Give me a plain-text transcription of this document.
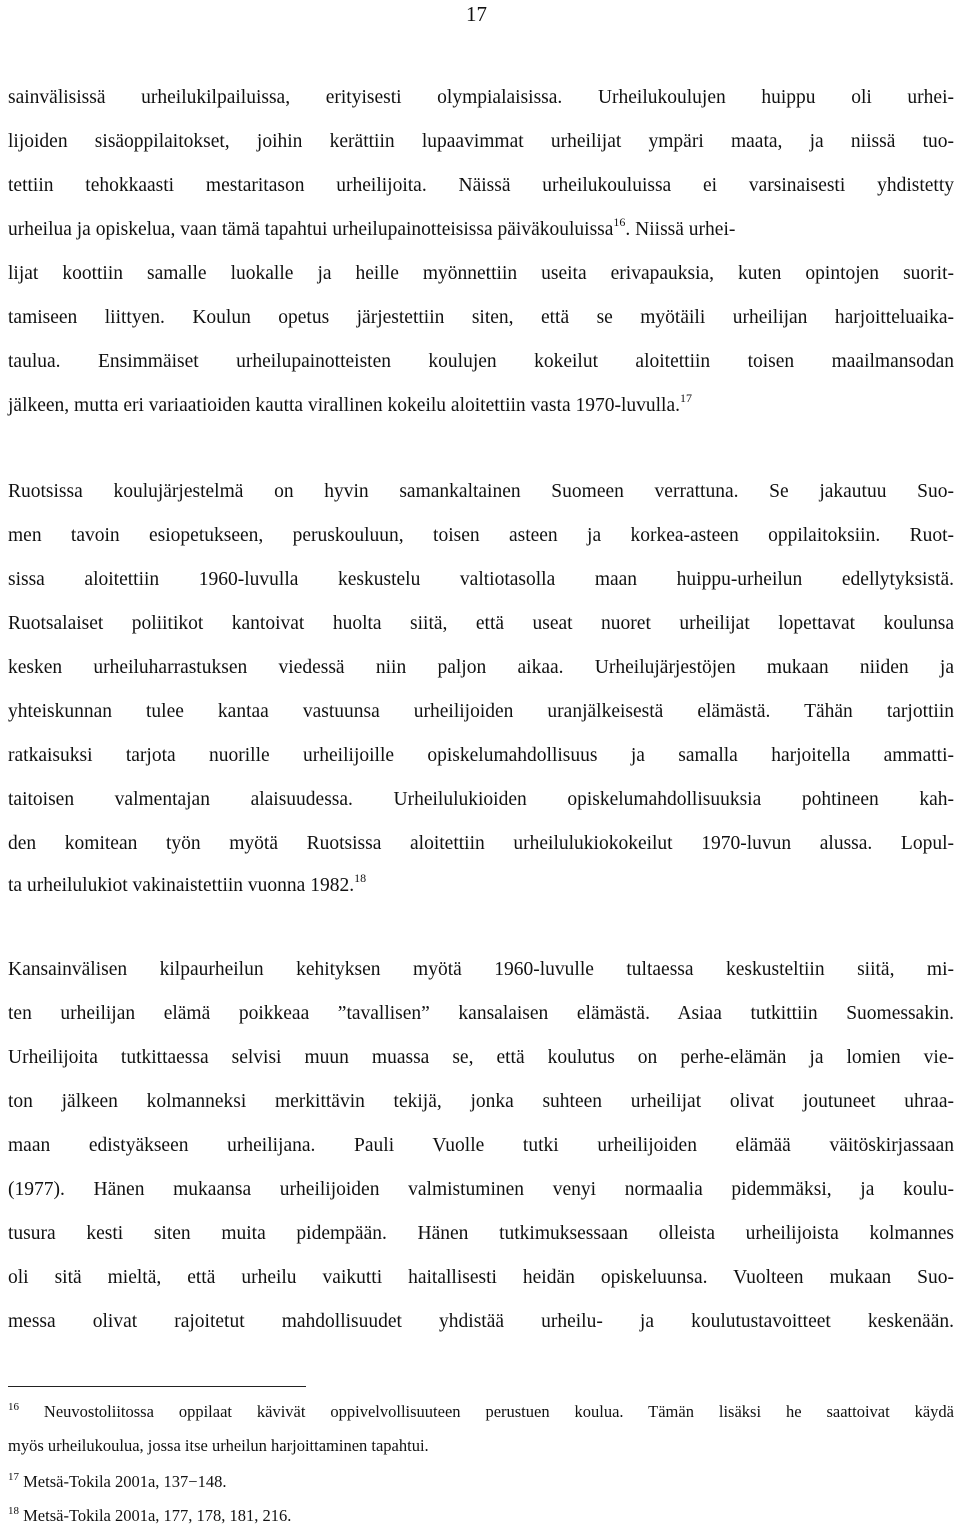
17
sainvälisissä urheilukilpailuissa, erityisesti olympialaisissa. Urheilukoulujen huippu oli urhei-
lijoiden sisäoppilaitokset, joihin kerättiin lupaavimmat urheilijat ympäri maata, ja niissä tuo-
tettiin tehokkaasti mestaritason urheilijoita. Näissä urheilukouluissa ei varsinaisesti yhdistetty
urheilua ja opiskelua, vaan tämä tapahtui urheilupainotteisissa päiväkouluissa$^{16}$. Niissä urhei-
lijat koottiin samalle luokalle ja heille myönnettiin useita erivapauksia, kuten opintojen suorit-
tamiseen liittyen. Koulun opetus järjestettiin siten, että se myötäili urheilijan harjoitteluaika-
taulua. Ensimmäiset urheilupainotteisten koulujen kokeilut aloitettiin toisen maailmansodan
jälkeen, mutta eri variaatioiden kautta virallinen kokeilu aloitettiin vasta 1970-luvulla.$^{17}$
Ruotsissa koulujärjestelmä on hyvin samankaltainen Suomeen verrattuna. Se jakautuu Suo-
men tavoin esiopetukseen, peruskouluun, toisen asteen ja korkea-asteen oppilaitoksiin. Ruot-
sissa aloitettiin 1960-luvulla keskustelu valtiotasolla maan huippu-urheilun edellytyksistä.
Ruotsalaiset poliitikot kantoivat huolta siitä, että useat nuoret urheilijat lopettavat koulunsa
kesken urheiluharrastuksen viedessä niin paljon aikaa. Urheilujärjestöjen mukaan niiden ja
yhteiskunnan tulee kantaa vastuunsa urheilijoiden uranjälkeisestä elämästä. Tähän tarjottiin
ratkaisuksi tarjota nuorille urheilijoille opiskelumahdollisuus ja samalla harjoitella ammatti-
taitoisen valmentajan alaisuudessa. Urheilulukioiden opiskelumahdollisuuksia pohtineen kah-
den komitean työn myötä Ruotsissa aloitettiin urheilulukiokokeilut 1970-luvun alussa. Lopul-
ta urheilulukiot vakinaistettiin vuonna 1982.18
Kansainvälisen kilpaurheilun kehityksen myötä 1960-luvulle tultaessa keskusteltiin siitä, mi-
ten urheilijan elämä poikkeaa ”tavallisen” kansalaisen elämästä. Asiaa tutkittiin Suomessakin.
Urheilijoita tutkittaessa selvisi muun muassa se, että koulutus on perhe-elämän ja lomien vie-
ton jälkeen kolmanneksi merkittävin tekijä, jonka suhteen urheilijat olivat joutuneet uhraa-
maan edistyäkseen urheilijana. Pauli Vuolle tutki urheilijoiden elämää väitöskirjassaan
(1977). Hänen mukaansa urheilijoiden valmistuminen venyi normaalia pidemmäksi, ja koulu-
tusura kesti siten muita pidempään. Hänen tutkimuksessaan olleista urheilijoista kolmannes
oli sitä mieltä, että urheilu vaikutti haitallisesti heidän opiskeluunsa. Vuolteen mukaan Suo-
messa olivat rajoitetut mahdollisuudet yhdistää urheilu- ja koulutustavoitteet keskenään.
$^{16}$ Neuvostoliitossa oppilaat kävivät oppivelvollisuuteen perustuen koulua. Tämän lisäksi he saattoivat käydä
myös urheilukoulua, jossa itse urheilun harjoittaminen tapahtui.
$^{17}$ Metsä-Tokila 2001a, 137−148.
$^{18}$ Metsä-Tokila 2001a, 177, 178, 181, 216.
